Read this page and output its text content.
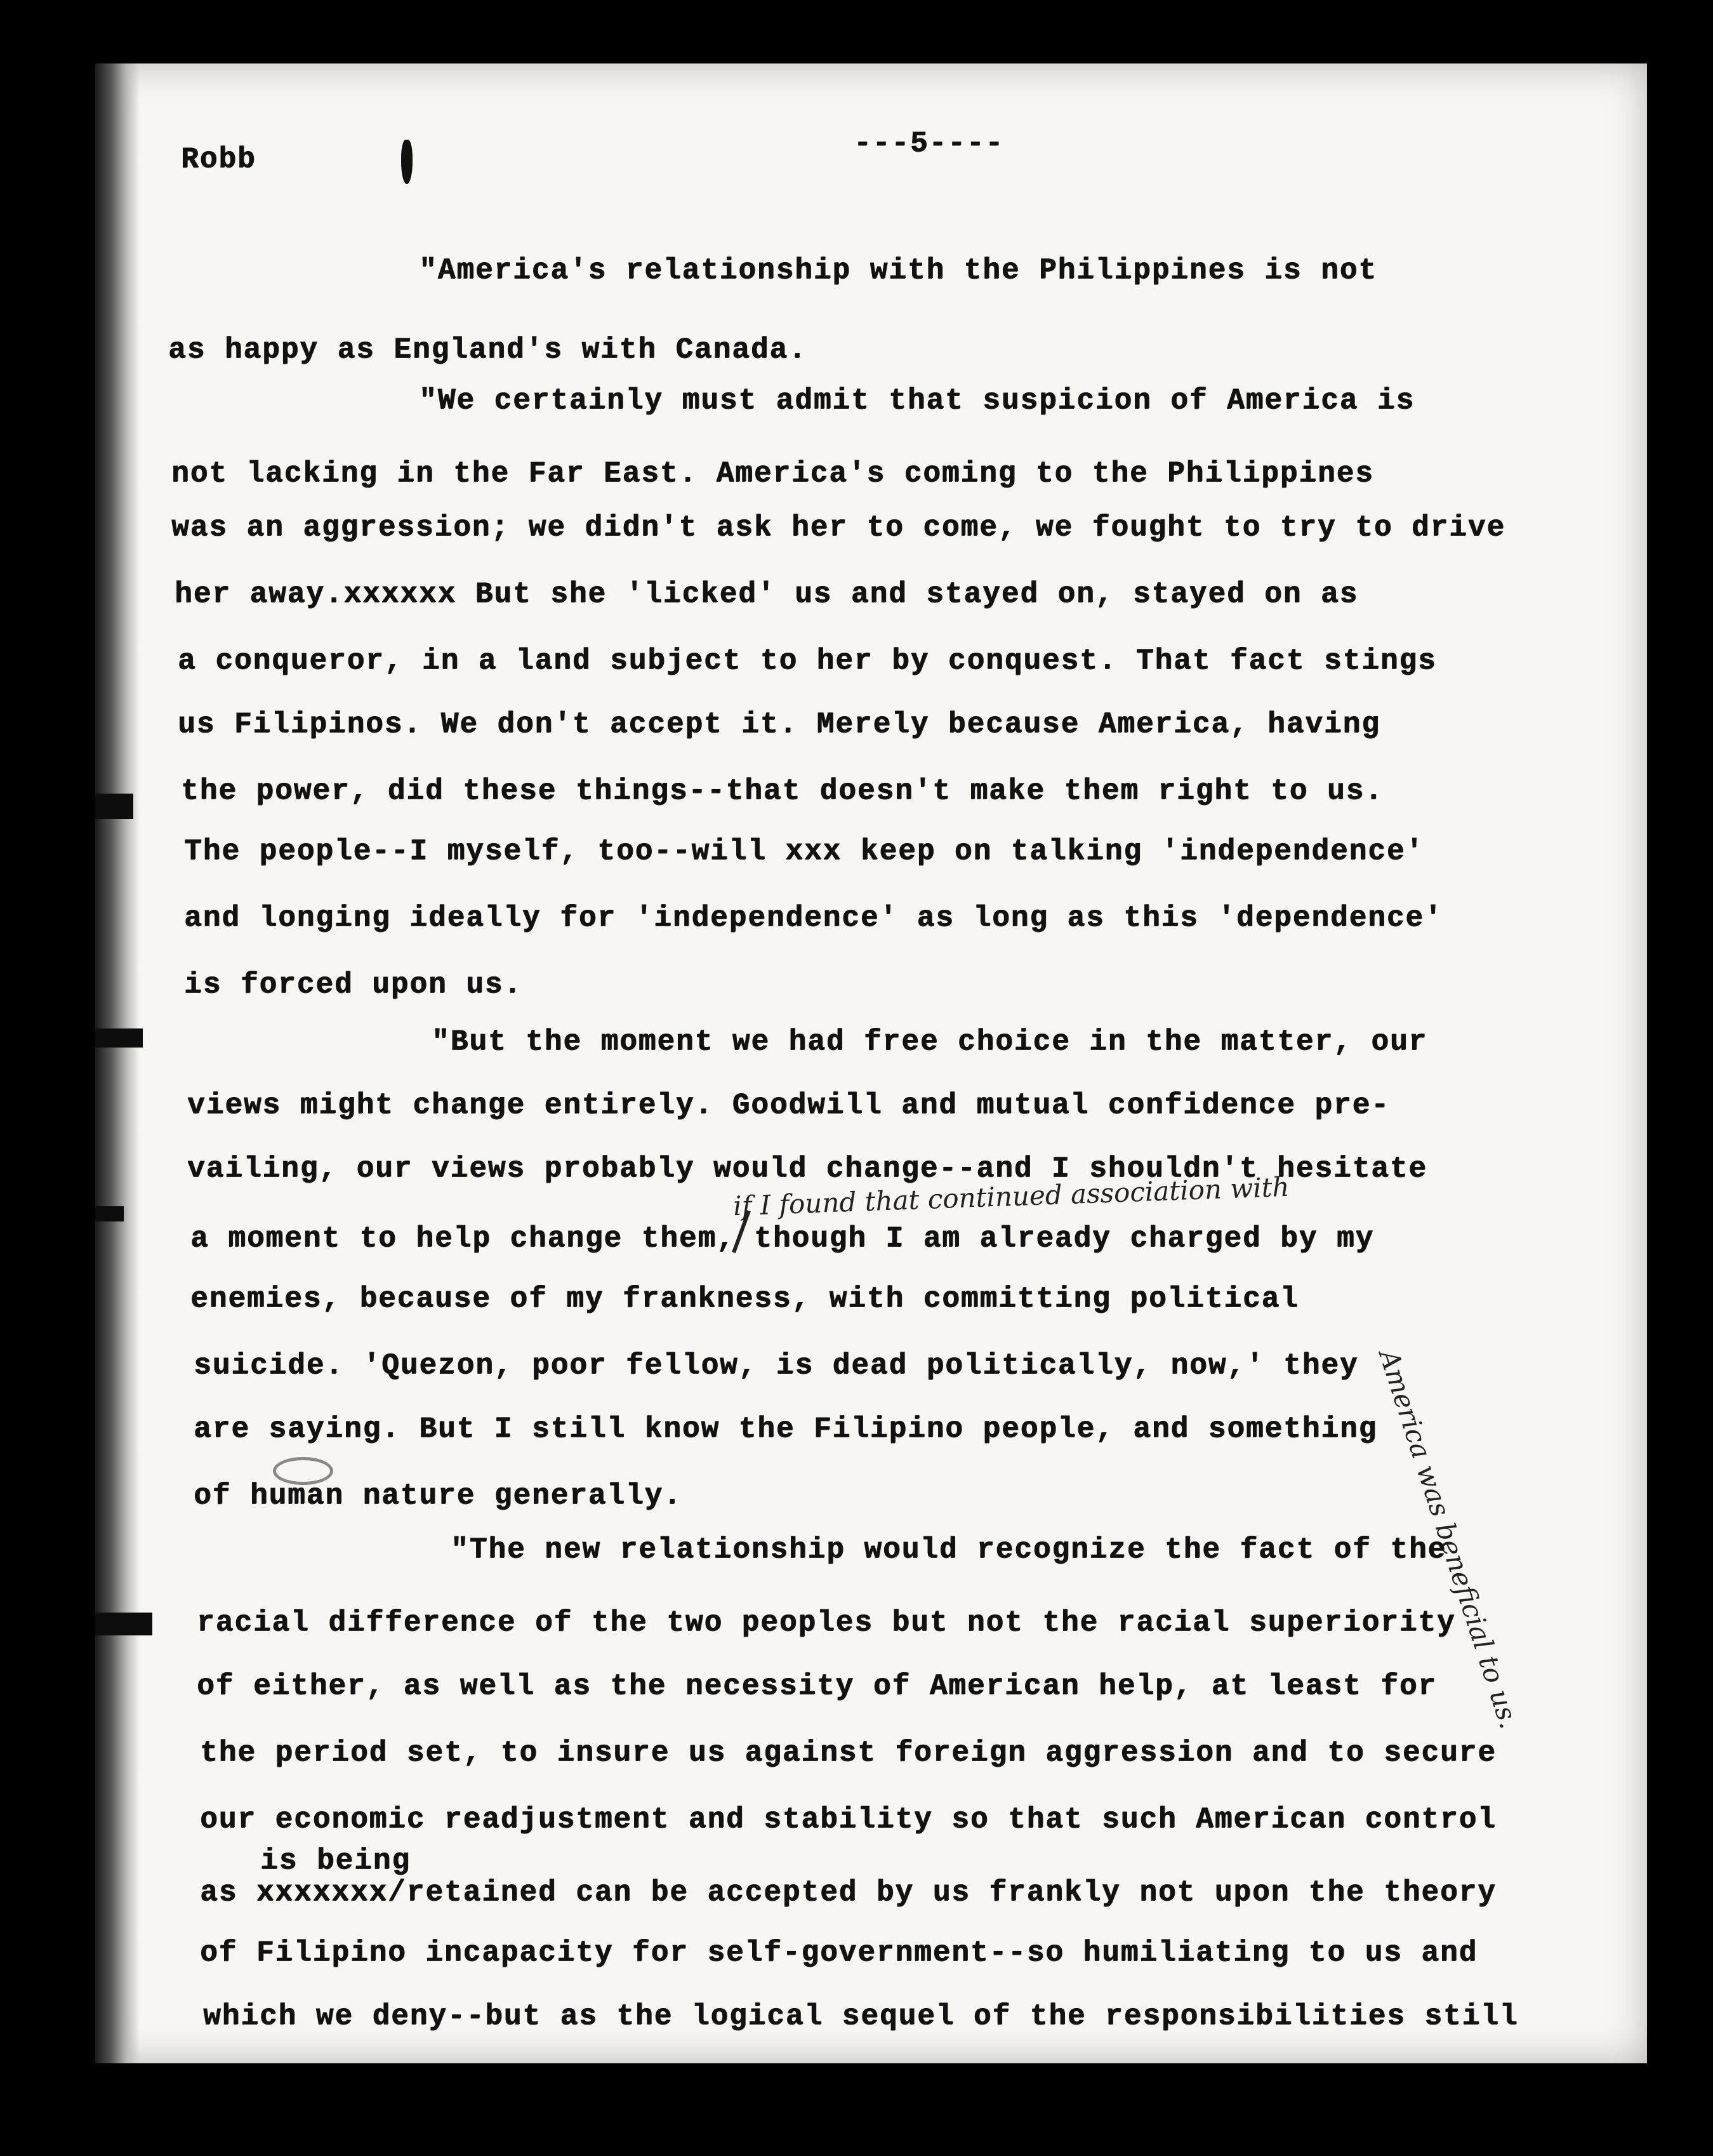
Robb	---5----
"America's relationship with the Philippines is not
as happy as England's with Canada.
"We certainly must admit that suspicion of America is
not lacking in the Far East. America's coming to the Philippines
was an aggression; we didn't ask her to come, we fought to try to drive
her away.xxxxxx But she 'licked' us and stayed on, stayed on as
a conqueror, in a land subject to her by conquest. That fact stings
us Filipinos. We don't accept it. Merely because America, having
the power, did these things--that doesn't make them right to us.
The people--I myself, too--will xxx keep on talking 'independence'
and longing ideally for 'independence' as long as this 'dependence'
is forced upon us.
"But the moment we had free choice in the matter, our
views might change entirely. Goodwill and mutual confidence pre-
vailing, our views probably would change--and I shouldn't hesitate
if I found that continued association with
a moment to help change them, though I am already charged by my
enemies, because of my frankness, with committing political
suicide. 'Quezon, poor fellow, is dead politically, now,' they
are saying. But I still know the Filipino people, and something
of human nature generally.	America was beneficial to us.
"The new relationship would recognize the fact of the
racial difference of the two peoples but not the racial superiority
of either, as well as the necessity of American help, at least for
the period set, to insure us against foreign aggression and to secure
our economic readjustment and stability so that such American control
is being
as xxxxxxx/retained can be accepted by us frankly not upon the theory
of Filipino incapacity for self-government--so humiliating to us and
which we deny--but as the logical sequel of the responsibilities still
